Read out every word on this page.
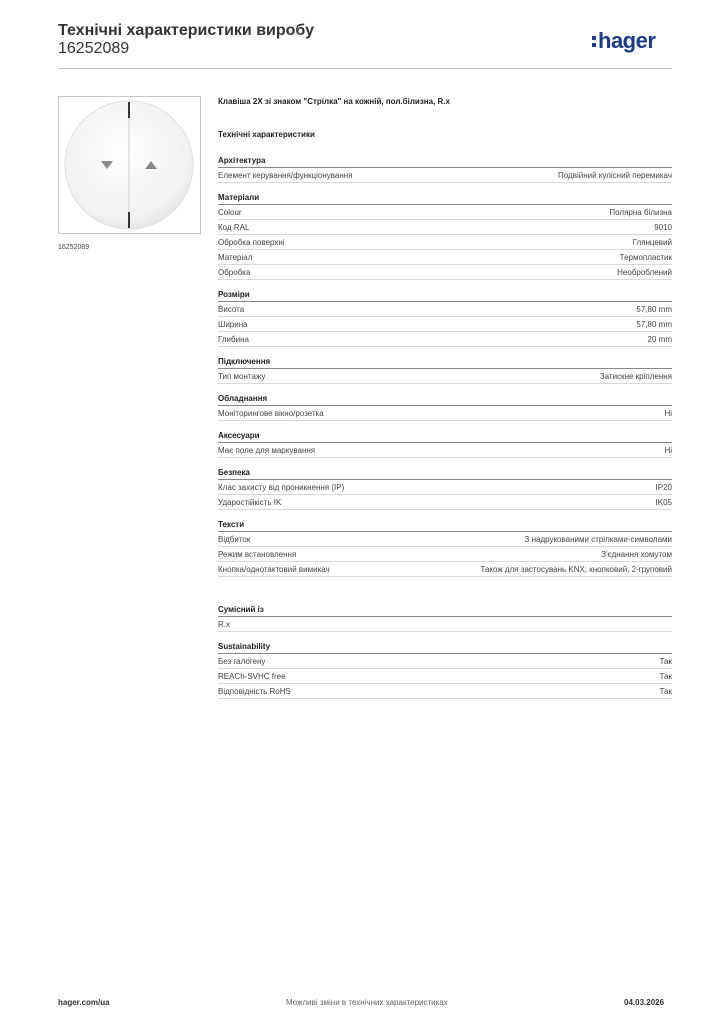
Технічні характеристики виробу
16252089	hager
16252089
Клавіша 2X зі знаком "Стрілка" на кожній, пол.білизна, R.x
Технічні характеристики
Архітектура
Елемент керування/функціонування	Подвійний кулісний перемикач
Матеріали
Colour	Полярна білизна
Код RAL	9010
Обробка поверхні	Глянцевий
Матеріал	Термопластик
Обробка	Необроблений
Розміри
Висота	57,80 mm
Ширина	57,80 mm
Глибина	20 mm
Підключення
Тип монтажу	Затискне кріплення
Обладнання
Моніторингове вікно/розетка	Ні
Аксесуари
Має поле для маркування	Ні
Безпека
Клас захисту від проникнення (IP)	IP20
Ударостійкість IK	IK05
Тексти
Відбиток	З надрукованими стрілками-символами
Режим встановлення	З'єднання хомутом
Кнопка/однотактовий вимикач	Також для застосувань KNX; кнопковий, 2-груповий
Сумісний із
R.x
Sustainability
Без галогену	Так
REACh-SVHC free	Так
Відповідність RoHS	Так
hager.com/ua	Можливі зміни в технічних характеристиках	04.03.2026
